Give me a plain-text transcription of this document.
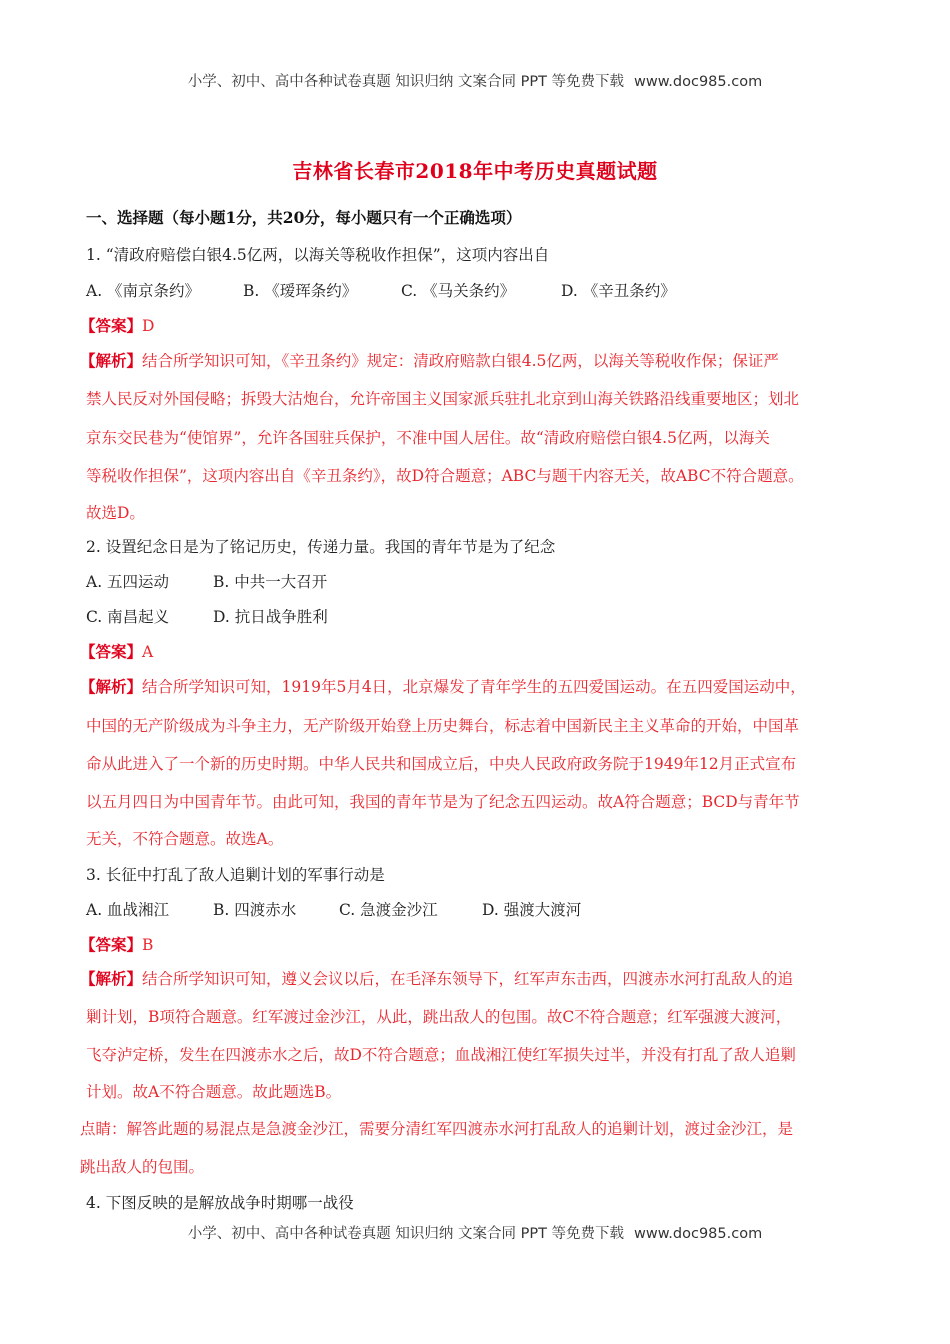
小学、初中、高中各种试卷真题 知识归纳 文案合同 PPT 等免费下载 www.doc985.com
吉林省长春市2018年中考历史真题试题
一、选择题（每小题1分，共20分，每小题只有一个正确选项）
1. “清政府赔偿白银4.5亿两，以海关等税收作担保”，这项内容出自
A. 《南京条约》	B. 《瑷珲条约》	C. 《马关条约》	D. 《辛丑条约》
【答案】D
【解析】结合所学知识可知，《辛丑条约》规定：清政府赔款白银4.5亿两，以海关等税收作保；保证严
禁人民反对外国侵略；拆毁大沽炮台，允许帝国主义国家派兵驻扎北京到山海关铁路沿线重要地区；划北
京东交民巷为“使馆界”，允许各国驻兵保护，不准中国人居住。故“清政府赔偿白银4.5亿两，以海关
等税收作担保”，这项内容出自《辛丑条约》，故D符合题意；ABC与题干内容无关，故ABC不符合题意。
故选D。
2. 设置纪念日是为了铭记历史，传递力量。我国的青年节是为了纪念
A. 五四运动	B. 中共一大召开
C. 南昌起义	D. 抗日战争胜利
【答案】A
【解析】结合所学知识可知，1919年5月4日，北京爆发了青年学生的五四爱国运动。在五四爱国运动中，
中国的无产阶级成为斗争主力，无产阶级开始登上历史舞台，标志着中国新民主主义革命的开始，中国革
命从此进入了一个新的历史时期。中华人民共和国成立后，中央人民政府政务院于1949年12月正式宣布
以五月四日为中国青年节。由此可知，我国的青年节是为了纪念五四运动。故A符合题意；BCD与青年节
无关，不符合题意。故选A。
3. 长征中打乱了敌人追剿计划的军事行动是
A. 血战湘江	B. 四渡赤水	C. 急渡金沙江	D. 强渡大渡河
【答案】B
【解析】结合所学知识可知，遵义会议以后，在毛泽东领导下，红军声东击西，四渡赤水河打乱敌人的追
剿计划，B项符合题意。红军渡过金沙江，从此，跳出敌人的包围。故C不符合题意；红军强渡大渡河，
飞夺泸定桥，发生在四渡赤水之后，故D不符合题意；血战湘江使红军损失过半，并没有打乱了敌人追剿
计划。故A不符合题意。故此题选B。
点睛：解答此题的易混点是急渡金沙江，需要分清红军四渡赤水河打乱敌人的追剿计划，渡过金沙江，是
跳出敌人的包围。
4. 下图反映的是解放战争时期哪一战役
小学、初中、高中各种试卷真题 知识归纳 文案合同 PPT 等免费下载 www.doc985.com
